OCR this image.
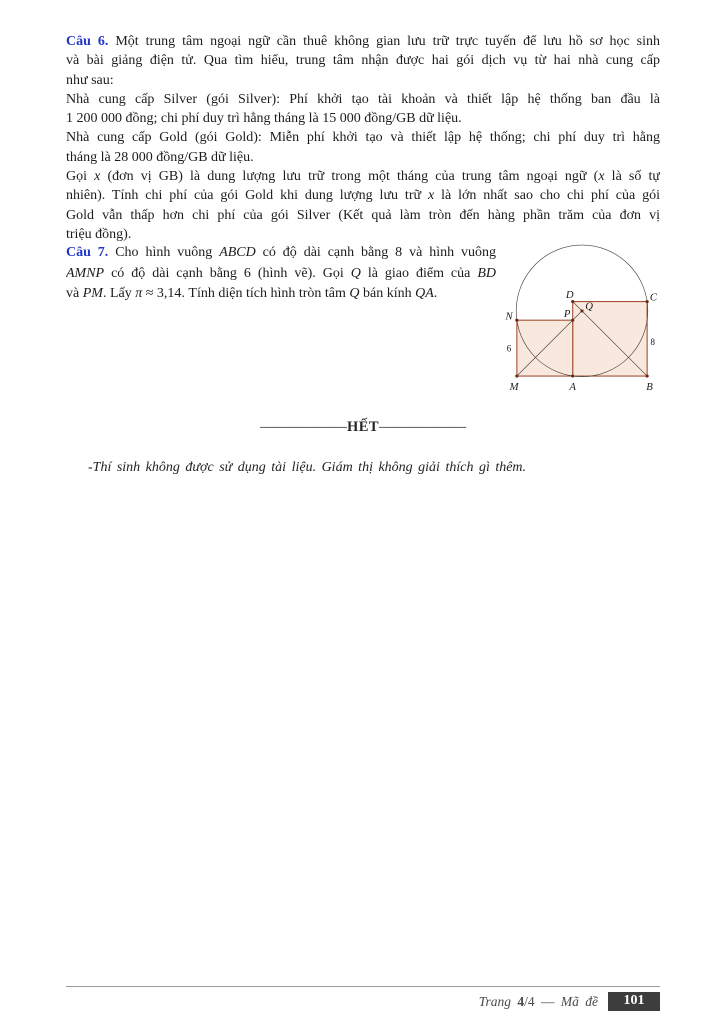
Câu 6. Một trung tâm ngoại ngữ cần thuê không gian lưu trữ trực tuyến để lưu hồ sơ học sinh
và bài giảng điện tử. Qua tìm hiểu, trung tâm nhận được hai gói dịch vụ từ hai nhà cung cấp
như sau:
Nhà cung cấp Silver (gói Silver): Phí khởi tạo tài khoản và thiết lập hệ thống ban đầu là
1 200 000 đồng; chi phí duy trì hằng tháng là 15 000 đồng/GB dữ liệu.
Nhà cung cấp Gold (gói Gold): Miễn phí khởi tạo và thiết lập hệ thống; chi phí duy trì hằng
tháng là 28 000 đồng/GB dữ liệu.
Gọi x (đơn vị GB) là dung lượng lưu trữ trong một tháng của trung tâm ngoại ngữ (x là số tự
nhiên). Tính chi phí của gói Gold khi dung lượng lưu trữ x là lớn nhất sao cho chi phí của gói
Gold vẫn thấp hơn chi phí của gói Silver (Kết quả làm tròn đến hàng phần trăm của đơn vị
triệu đồng).
Câu 7. Cho hình vuông ABCD có độ dài cạnh bằng 8 và hình vuông
AMNP có độ dài cạnh bằng 6 (hình vẽ). Gọi Q là giao điểm của BD
và PM. Lấy π ≈ 3,14. Tính diện tích hình tròn tâm Q bán kính QA.	D	C
N	P
Q
M	A	B
6
8
——————HẾT——————
-Thí sinh không được sử dụng tài liệu. Giám thị không giải thích gì thêm.
Trang 4/4 — Mã đề	101
